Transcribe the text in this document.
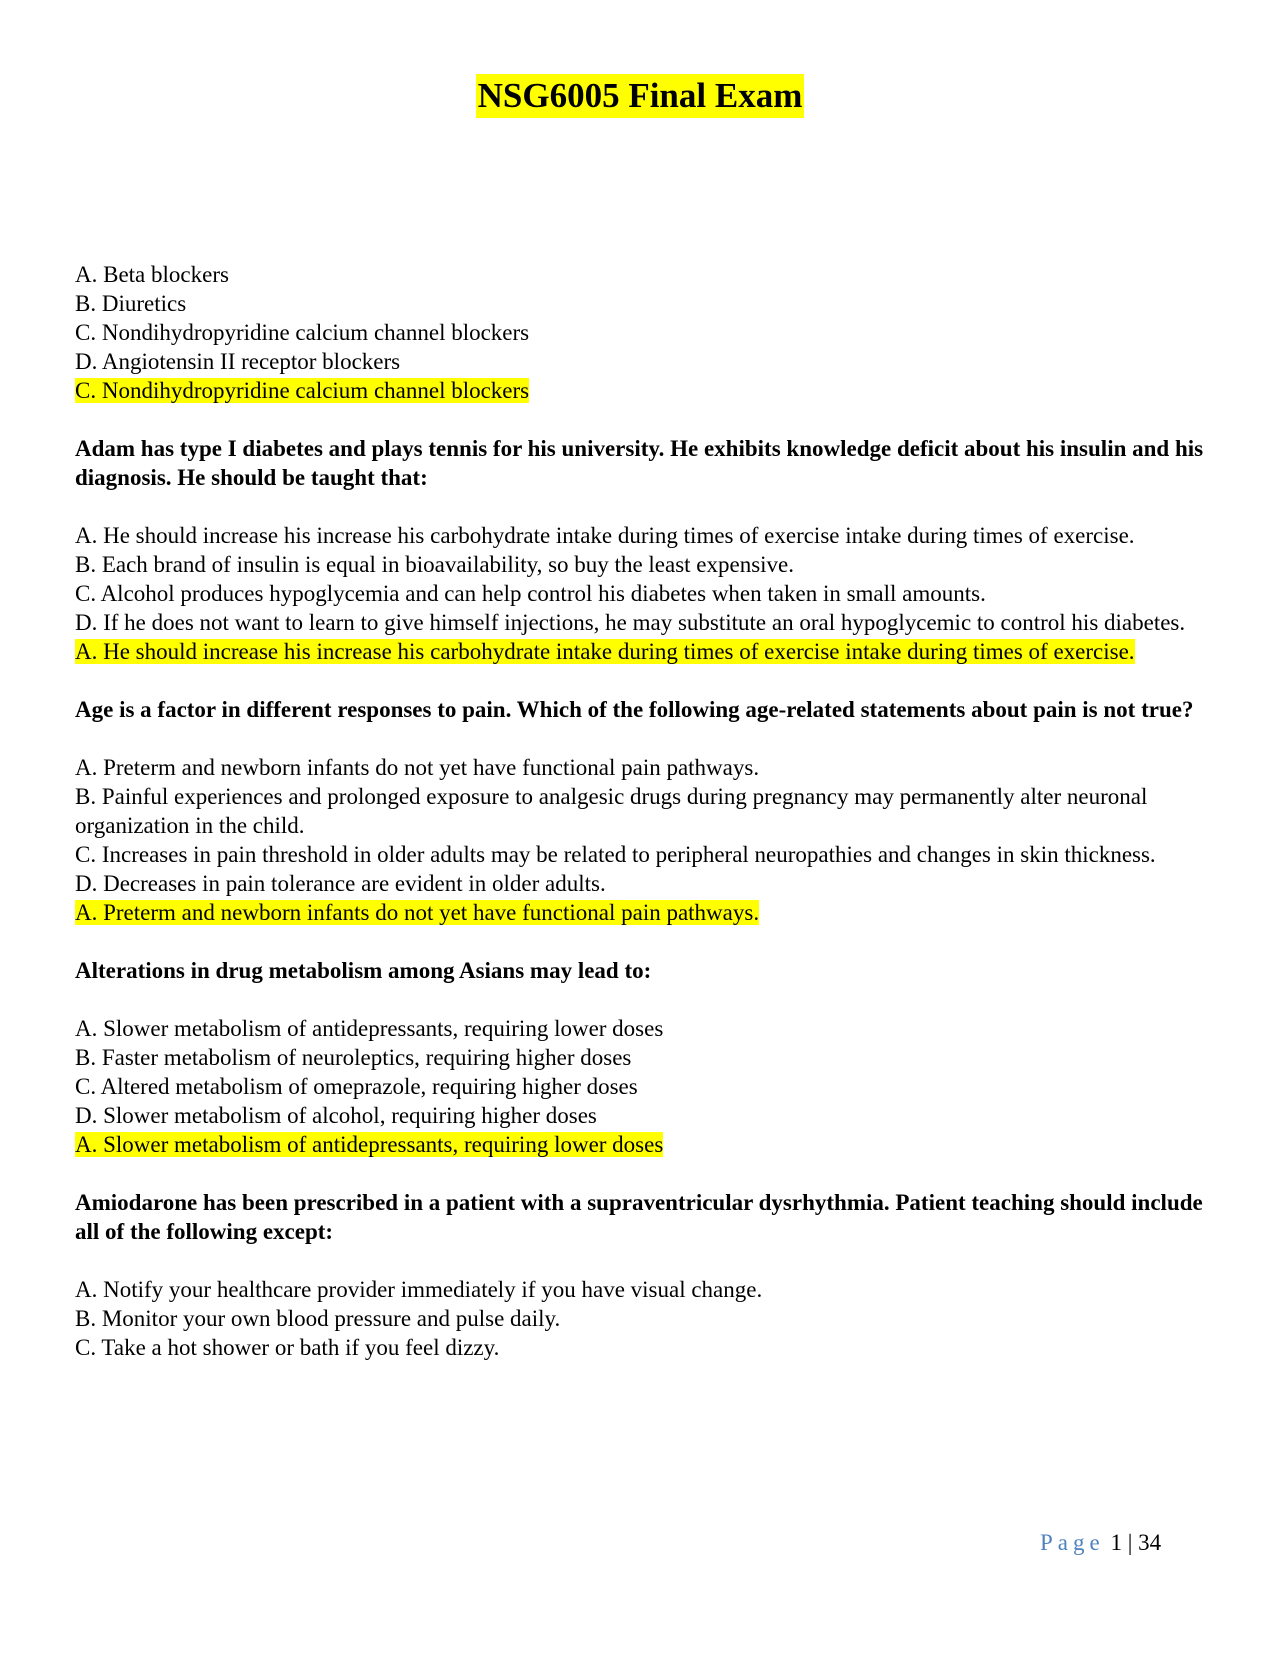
NSG6005 Final Exam
A. Beta blockers
B. Diuretics
C. Nondihydropyridine calcium channel blockers
D. Angiotensin II receptor blockers
C. Nondihydropyridine calcium channel blockers
Adam has type I diabetes and plays tennis for his university. He exhibits knowledge deficit about his insulin and his diagnosis. He should be taught that:
A. He should increase his increase his carbohydrate intake during times of exercise intake during times of exercise.
B. Each brand of insulin is equal in bioavailability, so buy the least expensive.
C. Alcohol produces hypoglycemia and can help control his diabetes when taken in small amounts.
D. If he does not want to learn to give himself injections, he may substitute an oral hypoglycemic to control his diabetes.
A. He should increase his increase his carbohydrate intake during times of exercise intake during times of exercise.
Age is a factor in different responses to pain. Which of the following age-related statements about pain is not true?
A. Preterm and newborn infants do not yet have functional pain pathways.
B. Painful experiences and prolonged exposure to analgesic drugs during pregnancy may permanently alter neuronal organization in the child.
C. Increases in pain threshold in older adults may be related to peripheral neuropathies and changes in skin thickness.
D. Decreases in pain tolerance are evident in older adults.
A. Preterm and newborn infants do not yet have functional pain pathways.
Alterations in drug metabolism among Asians may lead to:
A. Slower metabolism of antidepressants, requiring lower doses
B. Faster metabolism of neuroleptics, requiring higher doses
C. Altered metabolism of omeprazole, requiring higher doses
D. Slower metabolism of alcohol, requiring higher doses
A. Slower metabolism of antidepressants, requiring lower doses
Amiodarone has been prescribed in a patient with a supraventricular dysrhythmia. Patient teaching should include all of the following except:
A. Notify your healthcare provider immediately if you have visual change.
B. Monitor your own blood pressure and pulse daily.
C. Take a hot shower or bath if you feel dizzy.
Page 1 | 34
